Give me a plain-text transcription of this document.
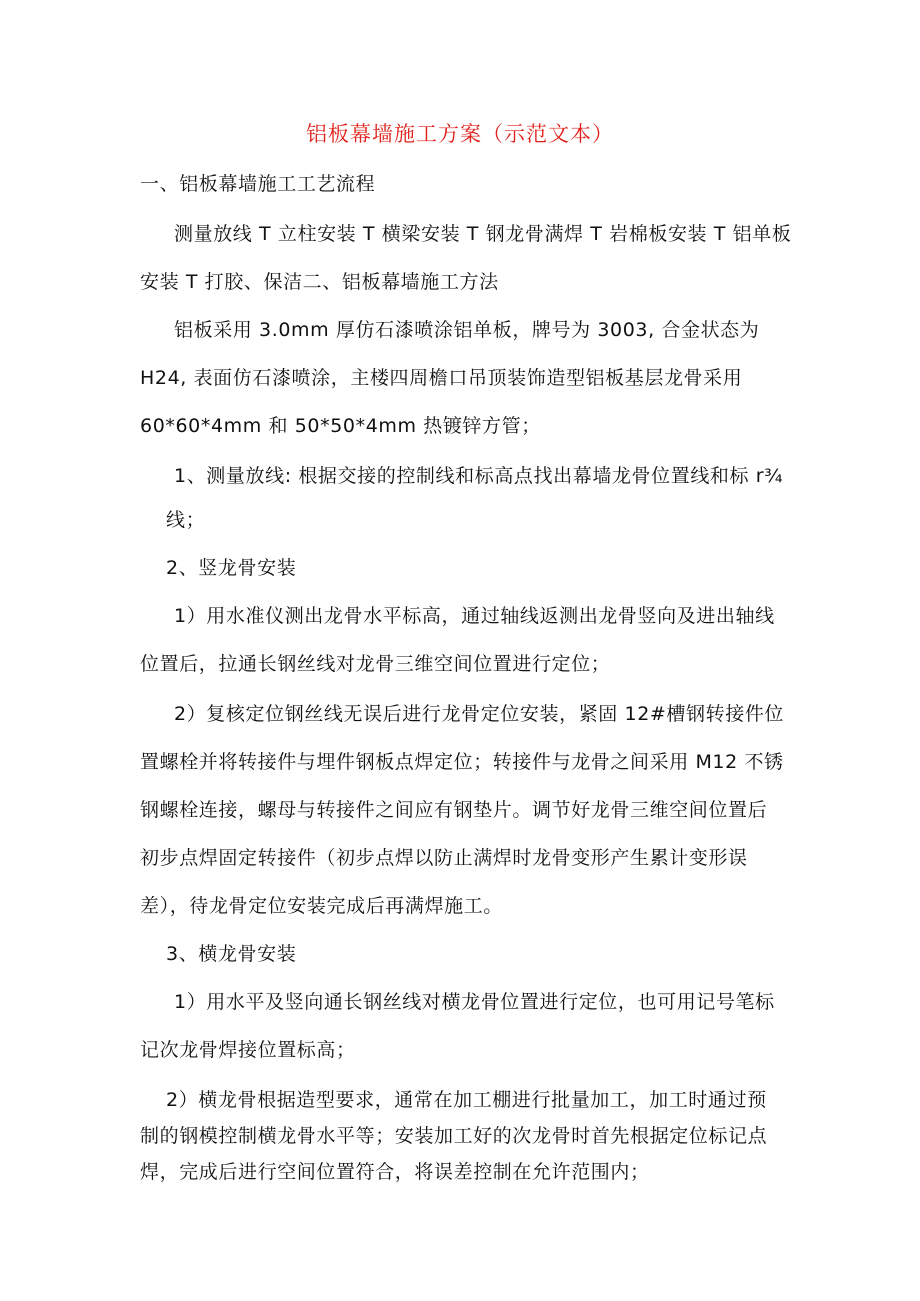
铝板幕墙施工方案（示范文本）
一、铝板幕墙施工工艺流程
测量放线 T 立柱安装 T 横梁安装 T 钢龙骨满焊 T 岩棉板安装 T 铝单板
安装 T 打胶、保洁二、铝板幕墙施工方法
铝板采用 3.0mm 厚仿石漆喷涂铝单板，牌号为 3003, 合金状态为
H24, 表面仿石漆喷涂，主楼四周檐口吊顶装饰造型铝板基层龙骨采用
60*60*4mm 和 50*50*4mm 热镀锌方管；
1、测量放线: 根据交接的控制线和标高点找出幕墙龙骨位置线和标 r¾
线；
2、竖龙骨安装
1）用水准仪测出龙骨水平标高，通过轴线返测出龙骨竖向及进出轴线
位置后，拉通长钢丝线对龙骨三维空间位置进行定位；
2）复核定位钢丝线无误后进行龙骨定位安装，紧固 12#槽钢转接件位
置螺栓并将转接件与埋件钢板点焊定位；转接件与龙骨之间采用 M12 不锈
钢螺栓连接，螺母与转接件之间应有钢垫片。调节好龙骨三维空间位置后
初步点焊固定转接件（初步点焊以防止满焊时龙骨变形产生累计变形误
差），待龙骨定位安装完成后再满焊施工。
3、横龙骨安装
1）用水平及竖向通长钢丝线对横龙骨位置进行定位，也可用记号笔标
记次龙骨焊接位置标高；
2）横龙骨根据造型要求，通常在加工棚进行批量加工，加工时通过预
制的钢模控制横龙骨水平等；安装加工好的次龙骨时首先根据定位标记点
焊，完成后进行空间位置符合，将误差控制在允许范围内；
